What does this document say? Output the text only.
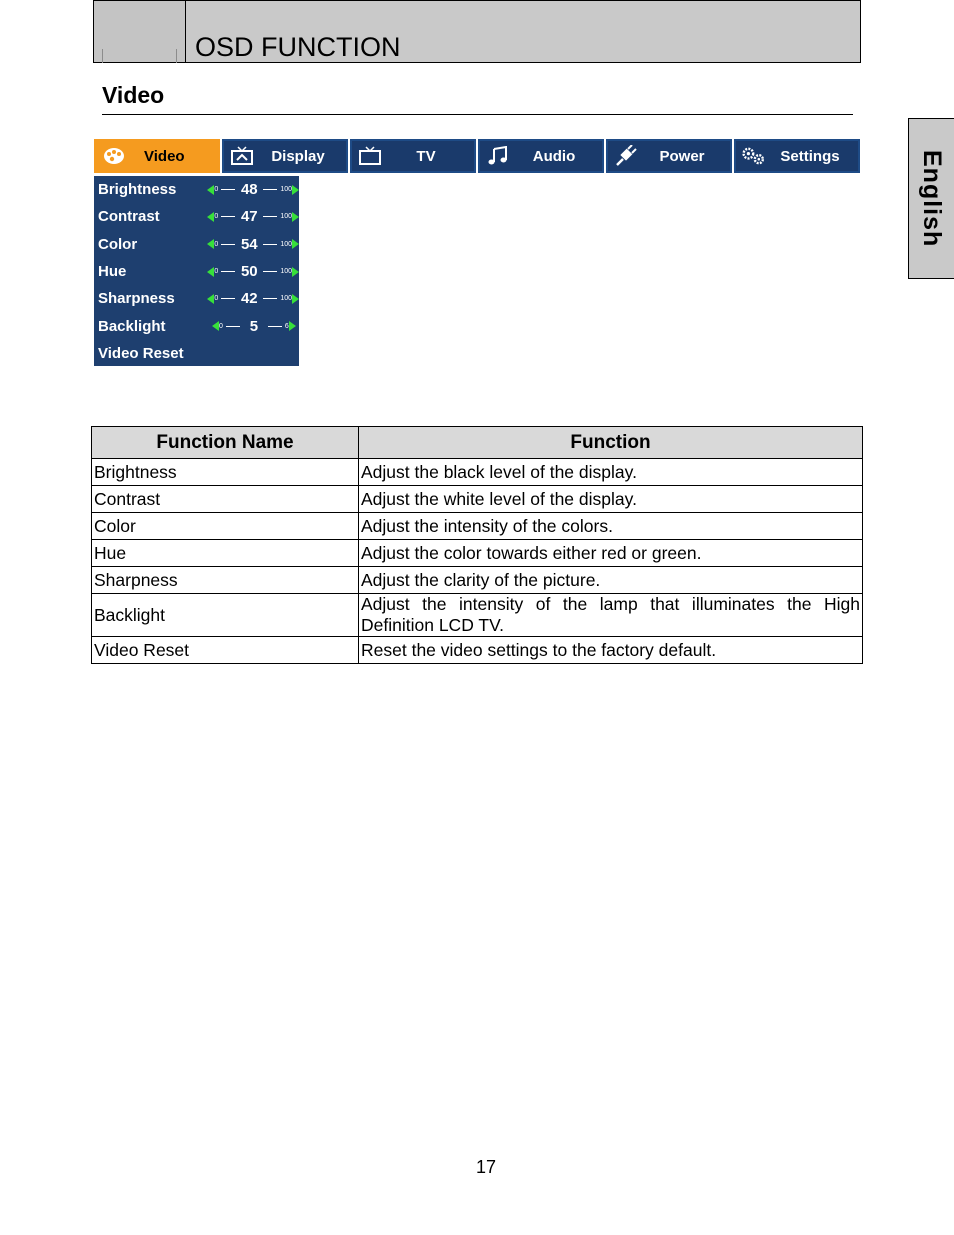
OSD FUNCTION
English
Video
Video	Display	TV	Audio	Power	Settings
Brightness	0 48	100
Contrast	0 47	100
Color	0 54	100
Hue	0 50	100
Sharpness	0 42	100
Backlight	0	5	6
Video Reset
Function Name	Function
Brightness	Adjust the black level of the display.
Contrast	Adjust the white level of the display.
Color	Adjust the intensity of the colors.
Hue	Adjust the color towards either red or green.
Sharpness	Adjust the clarity of the picture.
Backlight	Adjust the intensity of the lamp that illuminates the High Definition LCD TV.
Video Reset	Reset the video settings to the factory default.
17
